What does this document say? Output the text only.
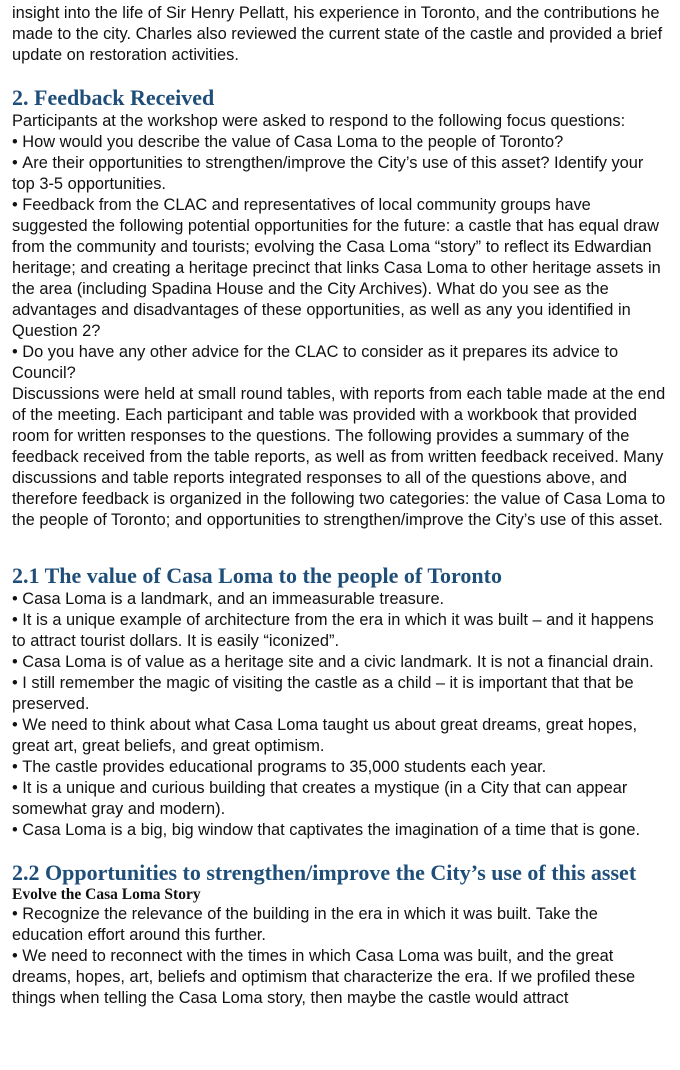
insight into the life of Sir Henry Pellatt, his experience in Toronto, and the contributions he made to the city. Charles also reviewed the current state of the castle and provided a brief update on restoration activities.

2. Feedback Received

Participants at the workshop were asked to respond to the following focus questions:

• How would you describe the value of Casa Loma to the people of Toronto?
• Are their opportunities to strengthen/improve the City’s use of this asset? Identify your top 3-5 opportunities.
• Feedback from the CLAC and representatives of local community groups have suggested the following potential opportunities for the future: a castle that has equal draw from the community and tourists; evolving the Casa Loma “story” to reflect its Edwardian heritage; and creating a heritage precinct that links Casa Loma to other heritage assets in the area (including Spadina House and the City Archives). What do you see as the advantages and disadvantages of these opportunities, as well as any you identified in Question 2?
• Do you have any other advice for the CLAC to consider as it prepares its advice to Council?

Discussions were held at small round tables, with reports from each table made at the end of the meeting. Each participant and table was provided with a workbook that provided room for written responses to the questions. The following provides a summary of the feedback received from the table reports, as well as from written feedback received. Many discussions and table reports integrated responses to all of the questions above, and therefore feedback is organized in the following two categories: the value of Casa Loma to the people of Toronto; and opportunities to strengthen/improve the City’s use of this asset.

2.1 The value of Casa Loma to the people of Toronto
• Casa Loma is a landmark, and an immeasurable treasure.
• It is a unique example of architecture from the era in which it was built – and it happens to attract tourist dollars. It is easily “iconized”.
• Casa Loma is of value as a heritage site and a civic landmark. It is not a financial drain.
• I still remember the magic of visiting the castle as a child – it is important that that be preserved.
• We need to think about what Casa Loma taught us about great dreams, great hopes, great art, great beliefs, and great optimism.
• The castle provides educational programs to 35,000 students each year.
• It is a unique and curious building that creates a mystique (in a City that can appear somewhat gray and modern).
• Casa Loma is a big, big window that captivates the imagination of a time that is gone.
2.2 Opportunities to strengthen/improve the City’s use of this asset
Evolve the Casa Loma Story
• Recognize the relevance of the building in the era in which it was built. Take the education effort around this further.
• We need to reconnect with the times in which Casa Loma was built, and the great dreams, hopes, art, beliefs and optimism that characterize the era. If we profiled these things when telling the Casa Loma story, then maybe the castle would attract
